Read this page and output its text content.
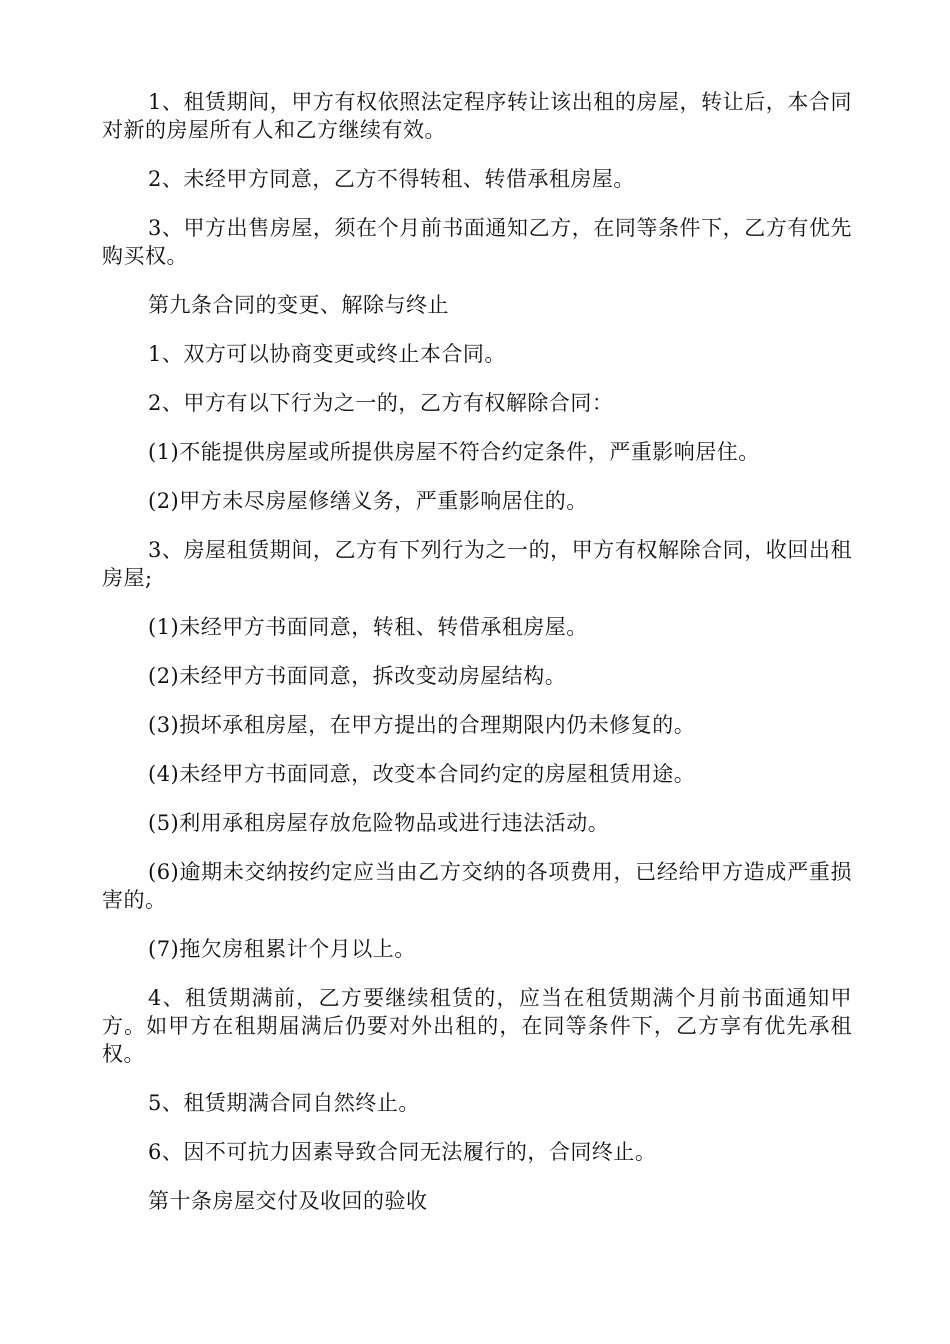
1、租赁期间，甲方有权依照法定程序转让该出租的房屋，转让后，本合同对新的房屋所有人和乙方继续有效。

2、未经甲方同意，乙方不得转租、转借承租房屋。

3、甲方出售房屋，须在个月前书面通知乙方，在同等条件下，乙方有优先购买权。

第九条合同的变更、解除与终止

1、双方可以协商变更或终止本合同。

2、甲方有以下行为之一的，乙方有权解除合同：

(1)不能提供房屋或所提供房屋不符合约定条件，严重影响居住。

(2)甲方未尽房屋修缮义务，严重影响居住的。

3、房屋租赁期间，乙方有下列行为之一的，甲方有权解除合同，收回出租房屋;

(1)未经甲方书面同意，转租、转借承租房屋。

(2)未经甲方书面同意，拆改变动房屋结构。

(3)损坏承租房屋，在甲方提出的合理期限内仍未修复的。

(4)未经甲方书面同意，改变本合同约定的房屋租赁用途。

(5)利用承租房屋存放危险物品或进行违法活动。

(6)逾期未交纳按约定应当由乙方交纳的各项费用，已经给甲方造成严重损害的。

(7)拖欠房租累计个月以上。

4、租赁期满前，乙方要继续租赁的，应当在租赁期满个月前书面通知甲方。如甲方在租期届满后仍要对外出租的，在同等条件下，乙方享有优先承租权。

5、租赁期满合同自然终止。

6、因不可抗力因素导致合同无法履行的，合同终止。

第十条房屋交付及收回的验收
